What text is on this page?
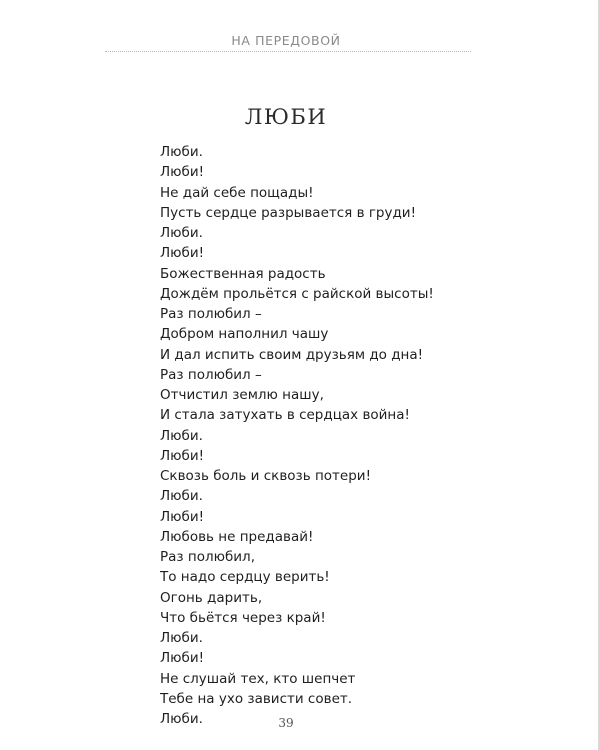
НА ПЕРЕДОВОЙ
ЛЮБИ
Люби.
Люби!
Не дай себе пощады!
Пусть сердце разрывается в груди!
Люби.
Люби!
Божественная радость
Дождём прольётся с райской высоты!
Раз полюбил –
Добром наполнил чашу
И дал испить своим друзьям до дна!
Раз полюбил –
Отчистил землю нашу,
И стала затухать в сердцах война!
Люби.
Люби!
Сквозь боль и сквозь потери!
Люби.
Люби!
Любовь не предавай!
Раз полюбил,
То надо сердцу верить!
Огонь дарить,
Что бьётся через край!
Люби.
Люби!
Не слушай тех, кто шепчет
Тебе на ухо зависти совет.
Люби.	39
